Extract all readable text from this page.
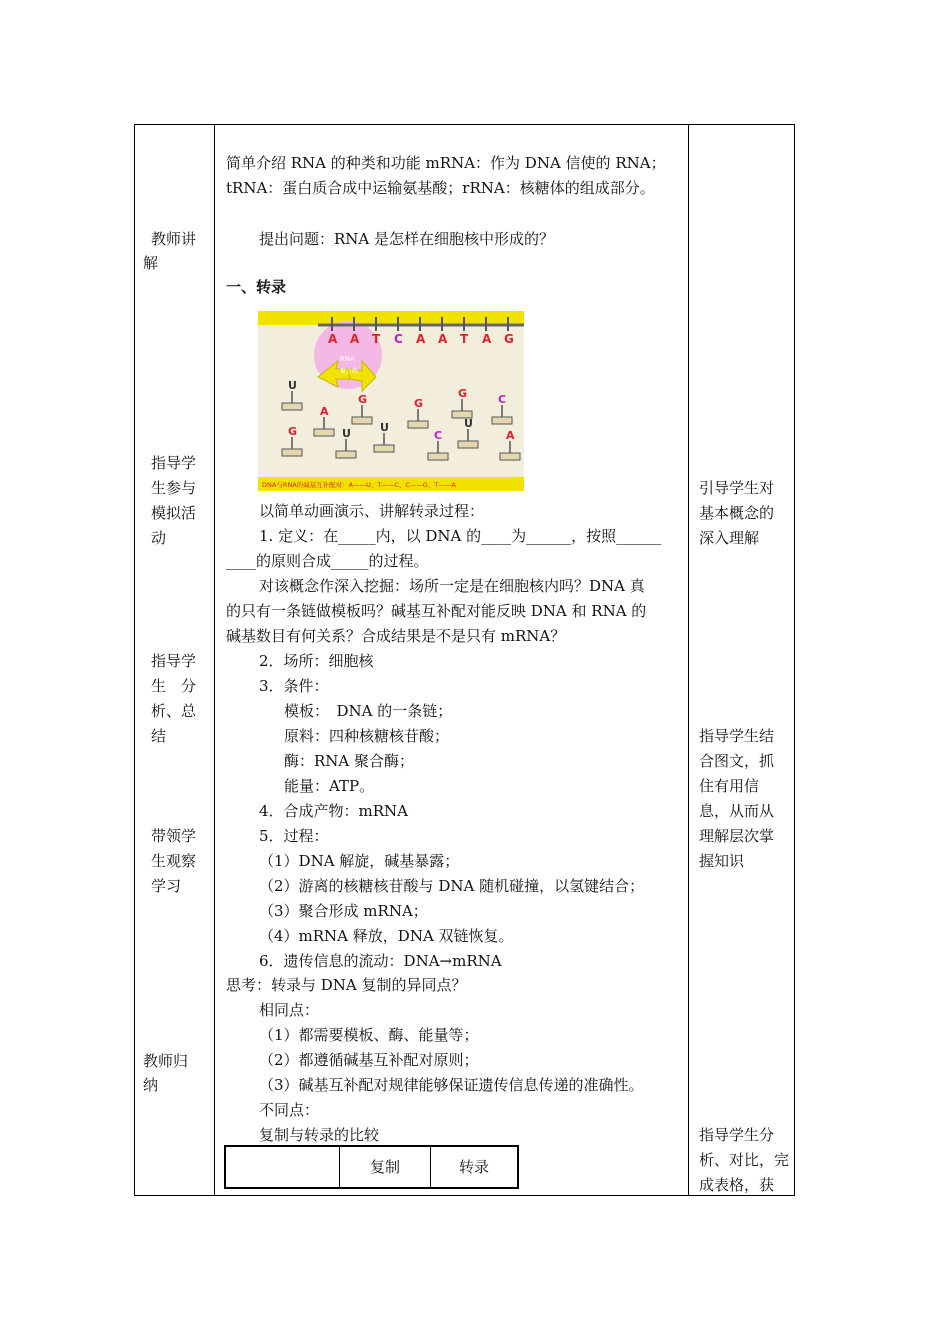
教师讲
解
指导学
生参与
模拟活
动
指导学
生　分
析、总
结
带领学
生观察
学习
教师归
纳
简单介绍 RNA 的种类和功能 mRNA：作为 DNA 信使的 RNA；
tRNA：蛋白质合成中运输氨基酸；rRNA：核糖体的组成部分。
提出问题：RNA 是怎样在细胞核中形成的？
一、转录
A A T C A A T A G
RNA
聚合酶
U
A
U
G
U
G
G
C
U
C
A
G
DNA与RNA的碱基互补配对：A——U、T——C、C——G、T——A
以简单动画演示、讲解转录过程：
1. 定义：在_____内，以 DNA 的____为______，按照______
____的原则合成_____的过程。
对该概念作深入挖掘：场所一定是在细胞核内吗？DNA 真
的只有一条链做模板吗？碱基互补配对能反映 DNA 和 RNA 的
碱基数目有何关系？合成结果是不是只有 mRNA？
2．场所：细胞核
3．条件：
模板：　DNA 的一条链；
原料：四种核糖核苷酸；
酶：RNA 聚合酶；
能量：ATP。
4．合成产物：mRNA
5．过程：
（1）DNA 解旋，碱基暴露；
（2）游离的核糖核苷酸与 DNA 随机碰撞，以氢键结合；
（3）聚合形成 mRNA；
（4）mRNA 释放，DNA 双链恢复。
6．遗传信息的流动：DNA→mRNA
思考：转录与 DNA 复制的异同点？
相同点：
（1）都需要模板、酶、能量等；
（2）都遵循碱基互补配对原则；
（3）碱基互补配对规律能够保证遗传信息传递的准确性。
不同点：
复制与转录的比较
复制	转录
引导学生对
基本概念的
深入理解
指导学生结
合图文，抓
住有用信
息，从而从
理解层次掌
握知识
指导学生分
析、对比，完
成表格，获
